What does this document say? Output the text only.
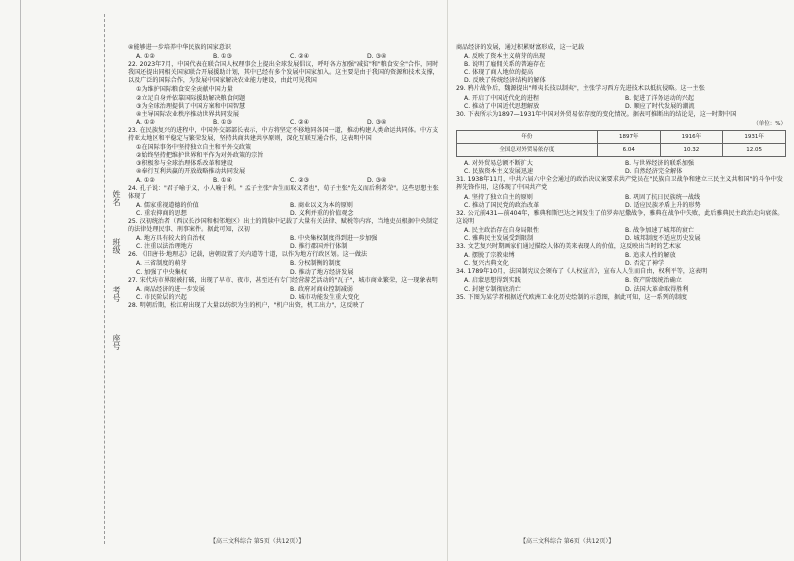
姓名
班级
考号
座号
④能够进一步培养中华民族的国家意识
A. ①②	B. ①③	C. ②④	D. ③④
22. 2023年7月，中国代表在联合国人权理事会上提出全球发展倡议，呼吁各方加强"减贫"和"粮食安全"合作，同时我国还提出同相关国家联合开展援助计划，其中已经有多个发展中国家加入。这主要是由于我国的资源和技术支撑，以及广泛的国际合作，为发展中国家解决农业能力建设，由此可见我国
①为维护国际粮食安全贡献中国力量
②立足自身并依靠国际援助解决粮食问题
③为全球治理提供了中国方案和中国智慧
④主导国际农业秩序推动世界共同发展
A. ①②	B. ①③	C. ②④	D. ③④
23. 在民族复兴的进程中，中国外交部部长表示，中方将坚定不移地同各国一道，推动构建人类命运共同体。中方支持亚太地区和平稳定与繁荣发展，坚持共商共建共享原则，深化互联互通合作，这表明中国
①在国际事务中坚持独立自主和平外交政策
②始终坚持把维护世界和平作为对外政策的宗旨
③积极参与全球治理体系改革和建设
④奉行互利共赢的开放战略推动共同发展
A. ①②	B. ①④	C. ②③	D. ③④
24. 孔子说："君子喻于义，小人喻于利。" 孟子主张"舍生而取义者也"，荀子主张"先义而后利者荣"。这些思想主张体现了
A. 儒家重视道德的价值	B. 商业以义为本的原则
C. 重农抑商的思想	D. 义利并重的价值观念
25. 汉初统治者（西汉长沙国和相邻地区）出土的简牍中记载了大量有关法律、赋税等内容，当地吏员根据中央制定的法律处理民事、刑事案件。据此可知，汉初
A. 地方具有较大的自治权	B. 中央集权制度得到进一步加强
C. 注重以法治理地方	D. 推行郡国并行体制
26. 《旧唐书·地理志》记载，唐朝设置了关内道等十道，以作为地方行政区划。这一做法
A. 三省制度的萌芽	B. 分权制衡的制度
C. 加强了中央集权	D. 推动了地方经济发展
27. 宋代坊市界限被打破，出现了早市、夜市，甚至还有专门经营游艺活动的"瓦子"，城市商业繁荣，这一现象表明
A. 商品经济的进一步发展	B. 政府对商业控制减弱
C. 市民阶层的兴起	D. 城市功能发生重大变化
28. 明朝后期，松江府出现了大量以纺织为生的机户，"机户出资，机工出力"，这反映了
【高三文科综合 第5页（共12页）】
商品经济的发展，通过积累财富形成，这一记载
A. 反映了资本主义萌芽的出现
B. 说明了雇佣关系的普遍存在
C. 体现了商人地位的提高
D. 反映了传统经济结构的解体
29. 鸦片战争后，魏源提出"师夷长技以制夷"，主张学习西方先进技术以抵抗侵略。这一主张
A. 开启了中国近代化的进程	B. 促进了洋务运动的兴起
C. 推动了中国近代思想解放	D. 顺应了时代发展的潮流
30. 下表所示为1897—1931年中国对外贸易依存度的变化情况。据表可推断出的结论是，这一时期中国
（单位：%）
年份	1897年	1916年	1931年
全国总对外贸易依存度	6.04	10.32	12.05
A. 对外贸易总额不断扩大	B. 与世界经济的联系加强
C. 民族资本主义发展迅速	D. 自然经济完全解体
31. 1938年11月，中共六届六中全会通过的政治决议案要求共产党员在"民族自卫战争和建立三民主义共和国"的斗争中发挥先锋作用，这体现了中国共产党
A. 坚持了独立自主的原则	B. 巩固了抗日民族统一战线
C. 推动了国民党的政治改革	D. 适应民族矛盾上升的形势
32. 公元前431—前404年，雅典和斯巴达之间发生了伯罗奔尼撒战争，雅典在战争中失败，此后雅典民主政治走向衰落。这说明
A. 民主政治存在自身局限性	B. 战争加速了城邦的衰亡
C. 雅典民主发展受到限制	D. 城邦制度不适应历史发展
33. 文艺复兴时期画家们通过描绘人体的美来表现人的价值，这反映出当时的艺术家
A. 摆脱了宗教束缚	B. 追求人性的解放
C. 复兴古典文化	D. 否定了神学
34. 1789年10月，法国制宪议会颁布了《人权宣言》，宣布人人生而自由，权利平等，这表明
A. 启蒙思想得到实践	B. 资产阶级统治确立
C. 封建专制彻底消亡	D. 法国大革命取得胜利
35. 下图为某学者根据近代欧洲工业化历史绘制的示意图，据此可知，这一系列的制度
【高三文科综合 第6页（共12页）】
